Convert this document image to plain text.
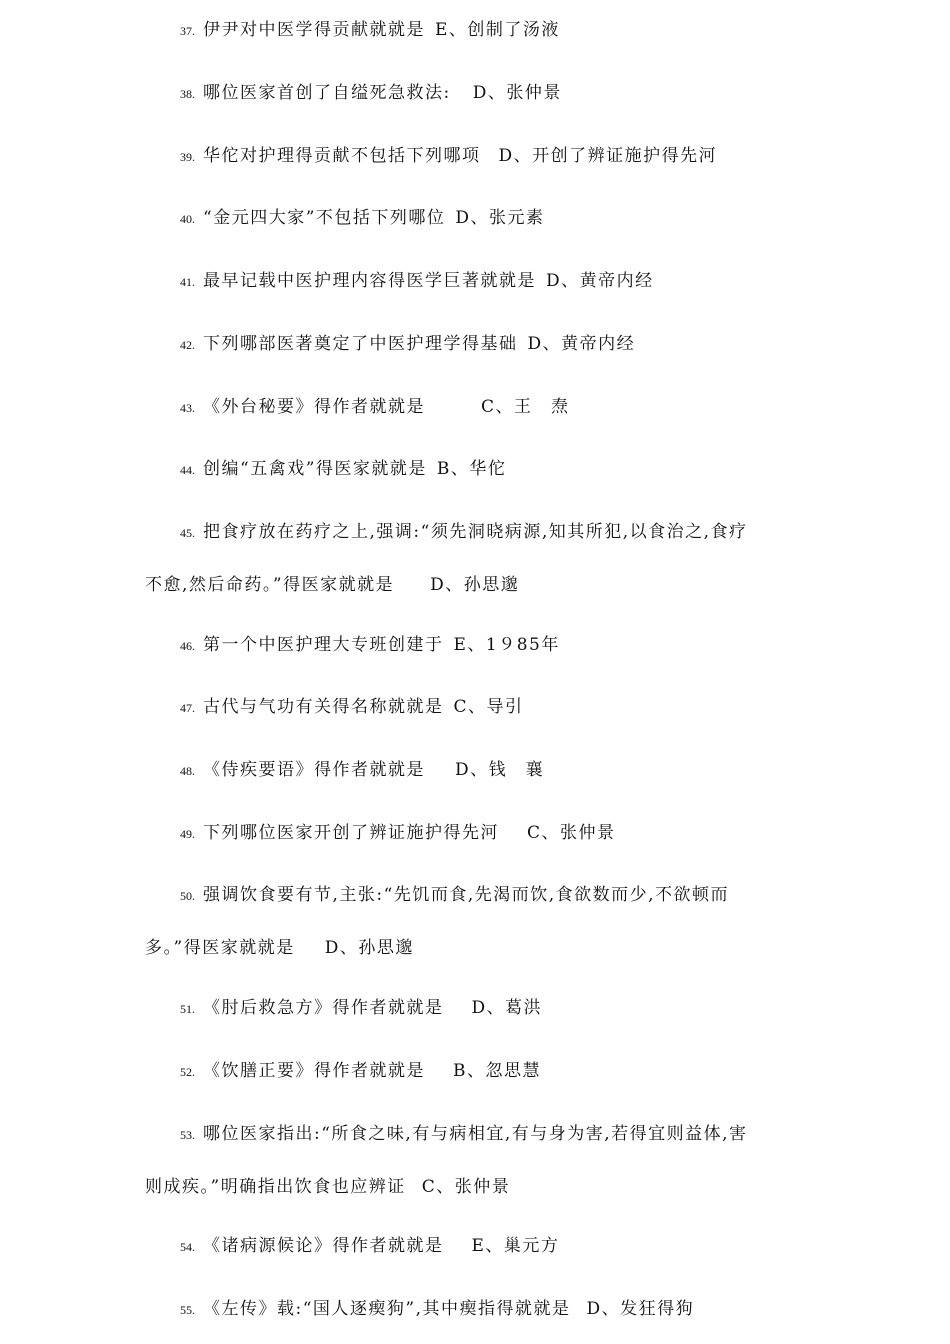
37. 伊尹对中医学得贡献就就是 E、创制了汤液
38. 哪位医家首创了自缢死急救法: D、张仲景
39. 华佗对护理得贡献不包括下列哪项 D、开创了辨证施护得先河
40. “金元四大家”不包括下列哪位 D、张元素
41. 最早记载中医护理内容得医学巨著就就是 D、黄帝内经
42. 下列哪部医著奠定了中医护理学得基础 D、黄帝内经
43. 《外台秘要》得作者就就是	C、王　焘
44. 创编“五禽戏”得医家就就是 B、华佗
45. 把食疗放在药疗之上,强调:“须先洞晓病源,知其所犯,以食治之,食疗
不愈,然后命药。”得医家就就是 D、孙思邈
46. 第一个中医护理大专班创建于 E、1９85年
47. 古代与气功有关得名称就就是 C、导引
48. 《侍疾要语》得作者就就是 D、钱　襄
49. 下列哪位医家开创了辨证施护得先河 C、张仲景
50. 强调饮食要有节,主张:“先饥而食,先渴而饮,食欲数而少,不欲顿而
多。”得医家就就是 D、孙思邈
51. 《肘后救急方》得作者就就是 D、葛洪
52. 《饮膳正要》得作者就就是 B、忽思慧
53. 哪位医家指出:“所食之味,有与病相宜,有与身为害,若得宜则益体,害
则成疾。”明确指出饮食也应辨证 C、张仲景
54. 《诸病源候论》得作者就就是 E、巢元方
55. 《左传》载:“国人逐瘈狗”,其中瘈指得就就是 D、发狂得狗
